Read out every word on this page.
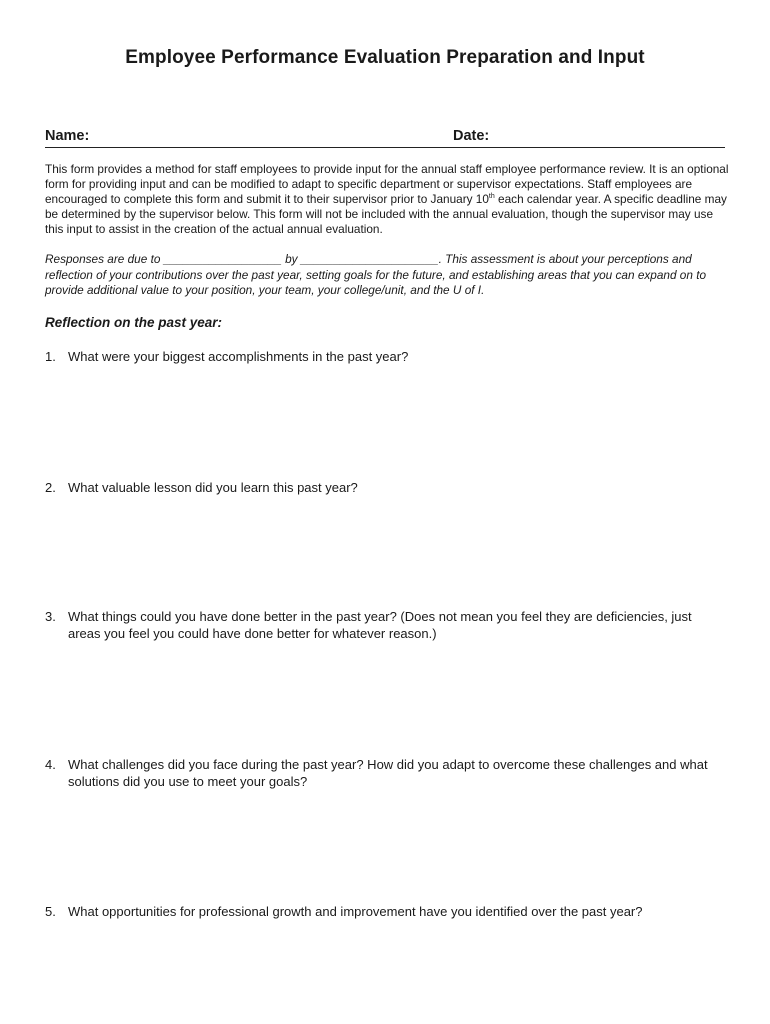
Employee Performance Evaluation Preparation and Input
Name:	Date:
This form provides a method for staff employees to provide input for the annual staff employee performance review. It is an optional form for providing input and can be modified to adapt to specific department or supervisor expectations. Staff employees are encouraged to complete this form and submit it to their supervisor prior to January 10th each calendar year. A specific deadline may be determined by the supervisor below. This form will not be included with the annual evaluation, though the supervisor may use this input to assist in the creation of the actual annual evaluation.
Responses are due to __________________ by _____________________. This assessment is about your perceptions and reflection of your contributions over the past year, setting goals for the future, and establishing areas that you can expand on to provide additional value to your position, your team, your college/unit, and the U of I.
Reflection on the past year:
1. What were your biggest accomplishments in the past year?
2. What valuable lesson did you learn this past year?
3. What things could you have done better in the past year? (Does not mean you feel they are deficiencies, just areas you feel you could have done better for whatever reason.)
4. What challenges did you face during the past year? How did you adapt to overcome these challenges and what solutions did you use to meet your goals?
5. What opportunities for professional growth and improvement have you identified over the past year?
